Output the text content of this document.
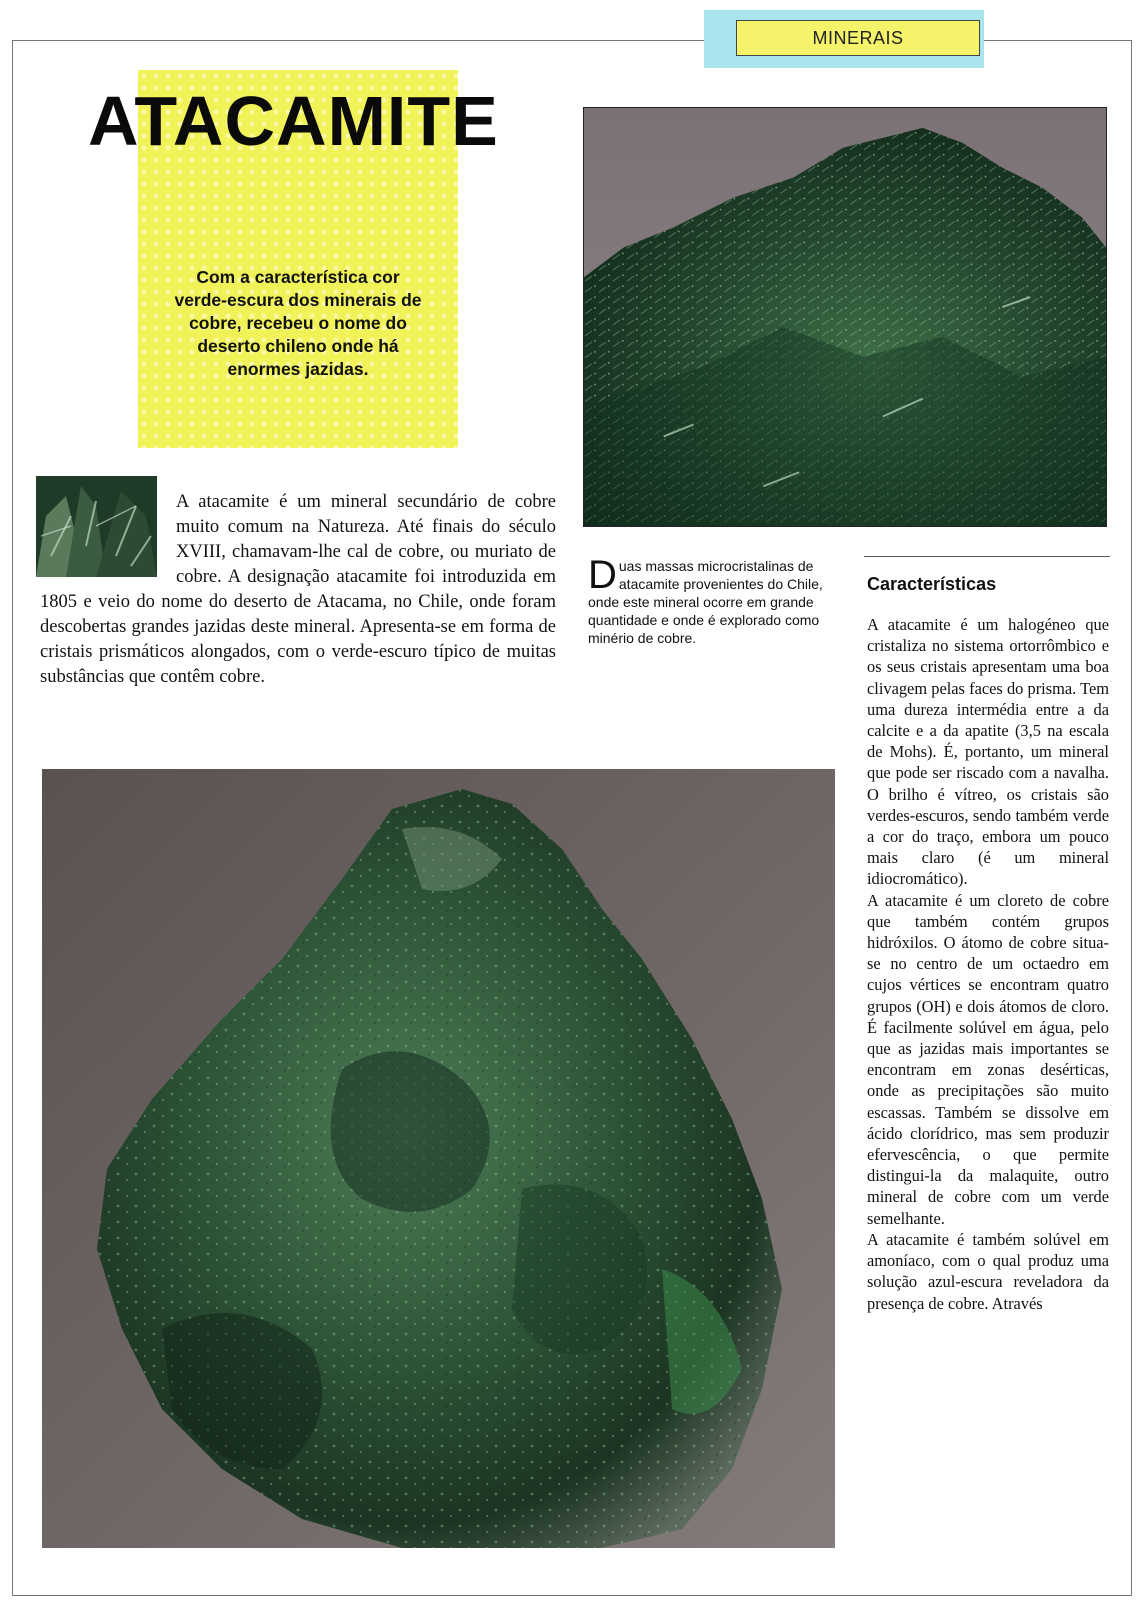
MINERAIS
ATACAMITE

Com a característica cor verde-escura dos minerais de cobre, recebeu o nome do deserto chileno onde há enormes jazidas.

A atacamite é um mineral secundário de cobre muito comum na Natureza. Até finais do século XVIII, chamavam-lhe cal de cobre, ou muriato de cobre. A designação atacamite foi introduzida em 1805 e veio do nome do deserto de Atacama, no Chile, onde foram descobertas grandes jazidas deste mineral. Apresenta-se em forma de cristais prismáticos alongados, com o verde-escuro típico de muitas substâncias que contêm cobre.

Duas massas microcristalinas de atacamite provenientes do Chile, onde este mineral ocorre em grande quantidade e onde é explorado como minério de cobre.

Características

A atacamite é um halogéneo que cristaliza no sistema ortorrômbico e os seus cristais apresentam uma boa clivagem pelas faces do prisma. Tem uma dureza intermédia entre a da calcite e a da apatite (3,5 na escala de Mohs). É, portanto, um mineral que pode ser riscado com a navalha. O brilho é vítreo, os cristais são verdes-escuros, sendo também verde a cor do traço, embora um pouco mais claro (é um mineral idiocromático).

A atacamite é um cloreto de cobre que também contém grupos hidróxilos. O átomo de cobre situa-se no centro de um octaedro em cujos vértices se encontram quatro grupos (OH) e dois átomos de cloro. É facilmente solúvel em água, pelo que as jazidas mais importantes se encontram em zonas desérticas, onde as precipitações são muito escassas. Também se dissolve em ácido clorídrico, mas sem produzir efervescência, o que permite distingui-la da malaquite, outro mineral de cobre com um verde semelhante.

A atacamite é também solúvel em amoníaco, com o qual produz uma solução azul-escura reveladora da presença de cobre. Através
